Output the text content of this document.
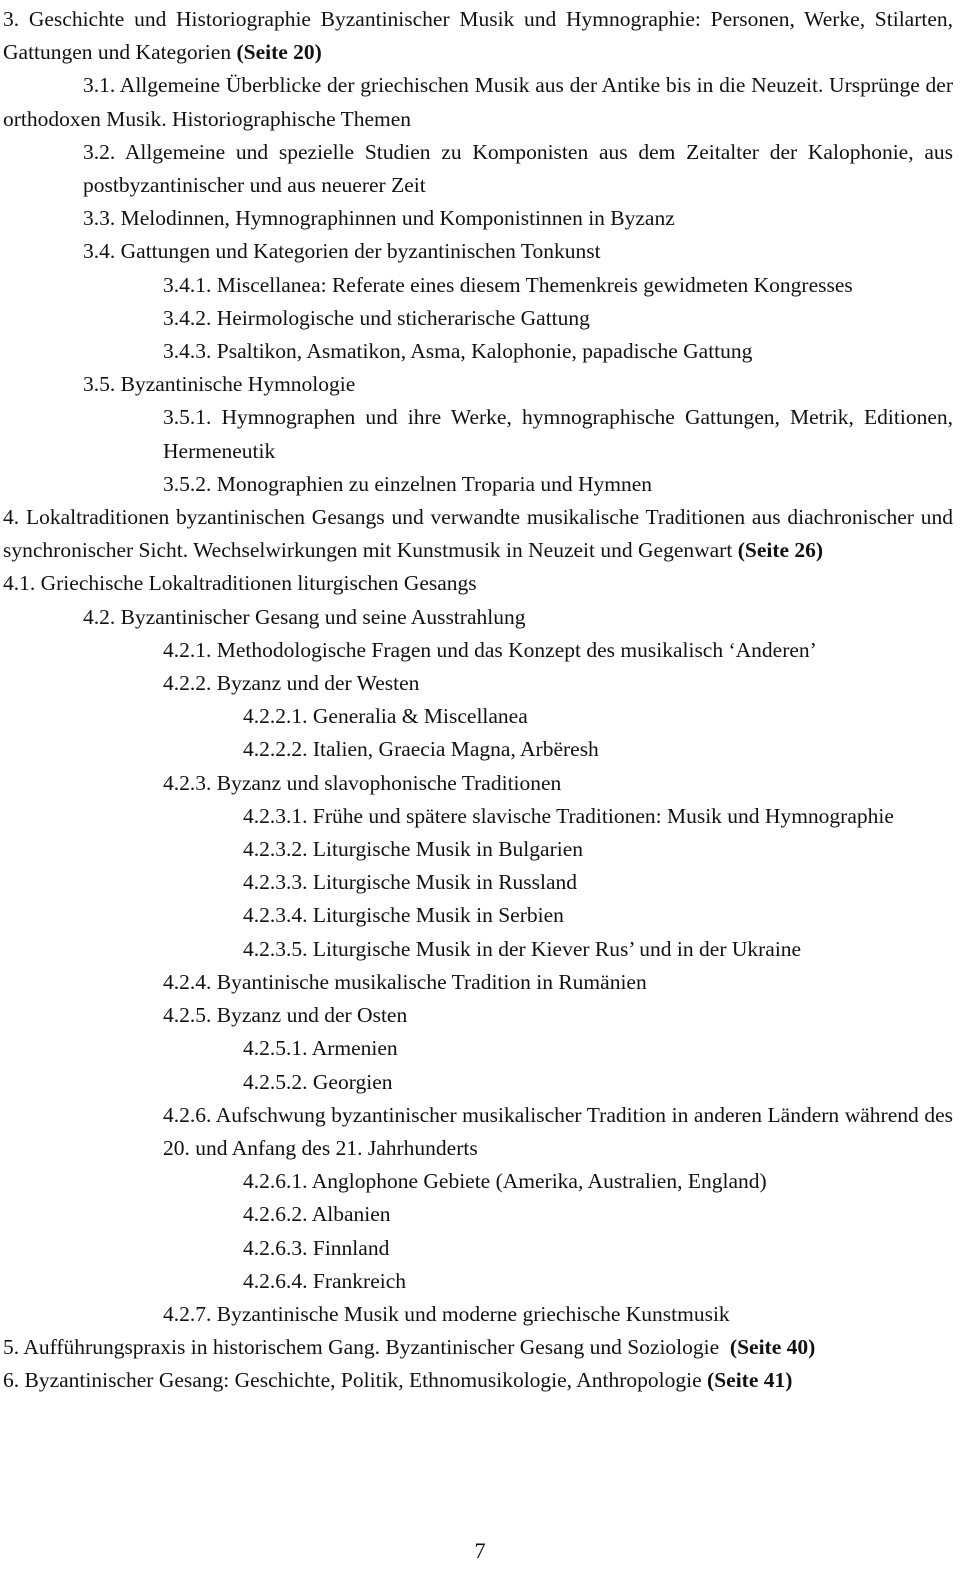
3. Geschichte und Historiographie Byzantinischer Musik und Hymnographie: Personen, Werke, Stilarten, Gattungen und Kategorien (Seite 20)
3.1. Allgemeine Überblicke der griechischen Musik aus der Antike bis in die Neuzeit. Ursprünge der orthodoxen Musik. Historiographische Themen
3.2. Allgemeine und spezielle Studien zu Komponisten aus dem Zeitalter der Kalophonie, aus postbyzantinischer und aus neuerer Zeit
3.3. Melodinnen, Hymnographinnen und Komponistinnen in Byzanz
3.4. Gattungen und Kategorien der byzantinischen Tonkunst
3.4.1. Miscellanea: Referate eines diesem Themenkreis gewidmeten Kongresses
3.4.2. Heirmologische und sticherarische Gattung
3.4.3. Psaltikon, Asmatikon, Asma, Kalophonie, papadische Gattung
3.5. Byzantinische Hymnologie
3.5.1. Hymnographen und ihre Werke, hymnographische Gattungen, Metrik, Editionen, Hermeneutik
3.5.2. Monographien zu einzelnen Troparia und Hymnen
4. Lokaltraditionen byzantinischen Gesangs und verwandte musikalische Traditionen aus diachronischer und synchronischer Sicht. Wechselwirkungen mit Kunstmusik in Neuzeit und Gegenwart (Seite 26)
4.1. Griechische Lokaltraditionen liturgischen Gesangs
4.2. Byzantinischer Gesang und seine Ausstrahlung
4.2.1. Methodologische Fragen und das Konzept des musikalisch ‘Anderen’
4.2.2. Byzanz und der Westen
4.2.2.1. Generalia & Miscellanea
4.2.2.2. Italien, Graecia Magna, Arbëresh
4.2.3. Byzanz und slavophonische Traditionen
4.2.3.1. Frühe und spätere slavische Traditionen: Musik und Hymnographie
4.2.3.2. Liturgische Musik in Bulgarien
4.2.3.3. Liturgische Musik in Russland
4.2.3.4. Liturgische Musik in Serbien
4.2.3.5. Liturgische Musik in der Kiever Rus’ und in der Ukraine
4.2.4. Byantinische musikalische Tradition in Rumänien
4.2.5. Byzanz und der Osten
4.2.5.1. Armenien
4.2.5.2. Georgien
4.2.6. Aufschwung byzantinischer musikalischer Tradition in anderen Ländern während des 20. und Anfang des 21. Jahrhunderts
4.2.6.1. Anglophone Gebiete (Amerika, Australien, England)
4.2.6.2. Albanien
4.2.6.3. Finnland
4.2.6.4. Frankreich
4.2.7. Byzantinische Musik und moderne griechische Kunstmusik
5. Aufführungspraxis in historischem Gang. Byzantinischer Gesang und Soziologie (Seite 40)
6. Byzantinischer Gesang: Geschichte, Politik, Ethnomusikologie, Anthropologie (Seite 41)
7
